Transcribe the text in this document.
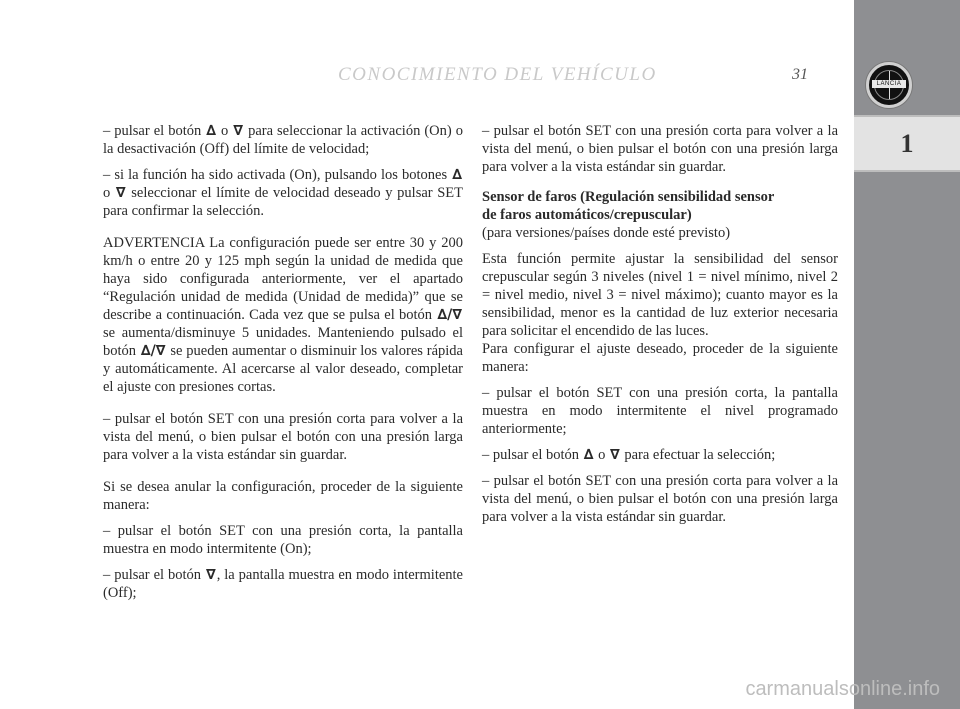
CONOCIMIENTO DEL VEHÍCULO	31
LANCIA
1

– pulsar el botón ∆ o ∇ para seleccionar la activación (On) o la desactivación (Off) del límite de velocidad;

– si la función ha sido activada (On), pulsando los botones ∆ o ∇ seleccionar el límite de velocidad deseado y pulsar SET para confirmar la selección.

ADVERTENCIA La configuración puede ser entre 30 y 200 km/h o entre 20 y 125 mph según la unidad de medida que haya sido configurada anteriormente, ver el apartado “Regulación unidad de medida (Unidad de medida)” que se describe a continuación. Cada vez que se pulsa el botón ∆/∇ se aumenta/disminuye 5 unidades. Manteniendo pulsado el botón ∆/∇ se pueden aumentar o disminuir los valores rápida y automáticamente. Al acercarse al valor deseado, completar el ajuste con presiones cortas.

– pulsar el botón SET con una presión corta para volver a la vista del menú, o bien pulsar el botón con una presión larga para volver a la vista estándar sin guardar.

Si se desea anular la configuración, proceder de la siguiente manera:

– pulsar el botón SET con una presión corta, la pantalla muestra en modo intermitente (On);

– pulsar el botón ∇, la pantalla muestra en modo intermitente (Off);

– pulsar el botón SET con una presión corta para volver a la vista del menú, o bien pulsar el botón con una presión larga para volver a la vista estándar sin guardar.

Sensor de faros (Regulación sensibilidad sensor
de faros automáticos/crepuscular)

(para versiones/países donde esté previsto)

Esta función permite ajustar la sensibilidad del sensor crepuscular según 3 niveles (nivel 1 = nivel mínimo, nivel 2 = nivel medio, nivel 3 = nivel máximo); cuanto mayor es la sensibilidad, menor es la cantidad de luz exterior necesaria para solicitar el encendido de las luces.

Para configurar el ajuste deseado, proceder de la siguiente manera:

– pulsar el botón SET con una presión corta, la pantalla muestra en modo intermitente el nivel programado anteriormente;

– pulsar el botón ∆ o ∇ para efectuar la selección;

– pulsar el botón SET con una presión corta para volver a la vista del menú, o bien pulsar el botón con una presión larga para volver a la vista estándar sin guardar.

carmanualsonline.info
